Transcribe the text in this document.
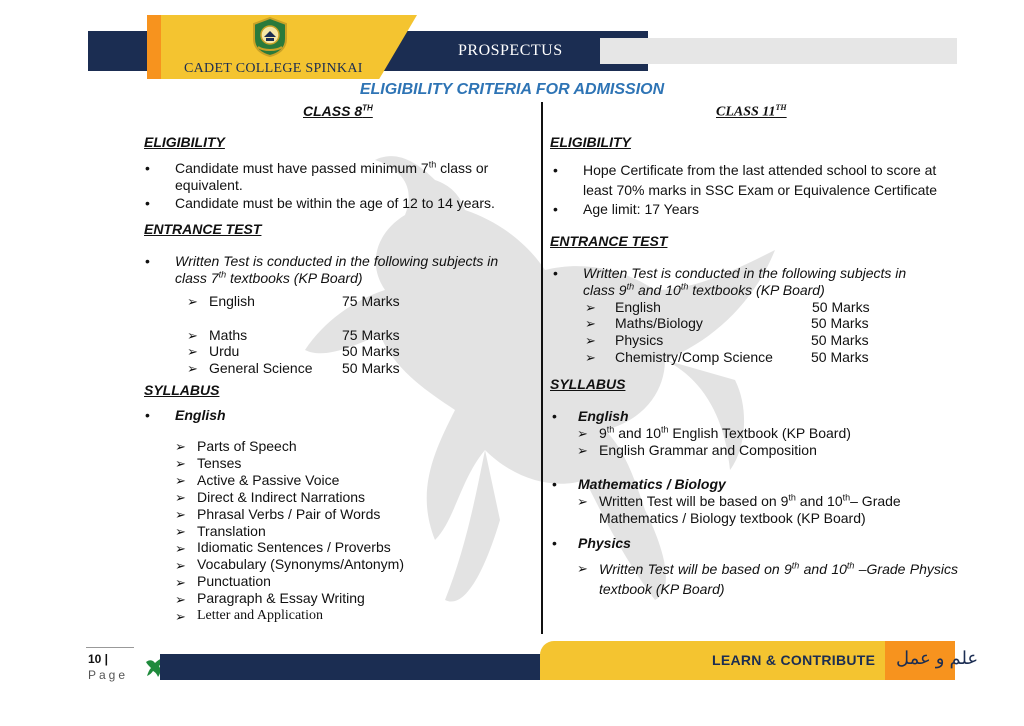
PROSPECTUS
CADET COLLEGE SPINKAI
ELIGIBILITY CRITERIA FOR ADMISSION
CLASS 8TH
ELIGIBILITY
• Candidate must have passed minimum 7th class or
equivalent.
• Candidate must be within the age of 12 to 14 years.
ENTRANCE TEST
• Written Test is conducted in the following subjects in
class 7th textbooks (KP Board)
➢ English	75 Marks
➢ Maths	75 Marks
➢ Urdu	50 Marks
➢ General Science 50 Marks
SYLLABUS
• English
Parts of Speech
Tenses
Active & Passive Voice
Direct & Indirect Narrations
Phrasal Verbs / Pair of Words
Translation
Idiomatic Sentences / Proverbs
Vocabulary (Synonyms/Antonym)
Punctuation
Paragraph & Essay Writing
Letter and Application
➢
➢
➢
➢
➢
➢
➢
➢
➢
➢
➢
CLASS 11TH
ELIGIBILITY
• Hope Certificate from the last attended school to score at
least 70% marks in SSC Exam or Equivalence Certificate
• Age limit: 17 Years
ENTRANCE TEST
• Written Test is conducted in the following subjects in
class 9th and 10th textbooks (KP Board)
➢ English	50 Marks
➢ Maths/Biology	50 Marks
➢ Physics	50 Marks
➢ Chemistry/Comp Science	50 Marks
SYLLABUS
• English
➢ 9th and 10th English Textbook (KP Board)
➢ English Grammar and Composition
• Mathematics / Biology
➢ Written Test will be based on 9th and 10th– Grade
Mathematics / Biology textbook (KP Board)
• Physics
➢ Written Test will be based on 9th and 10th –Grade Physics textbook (KP Board)
10 |
Page
LEARN & CONTRIBUTE علم و عمل
